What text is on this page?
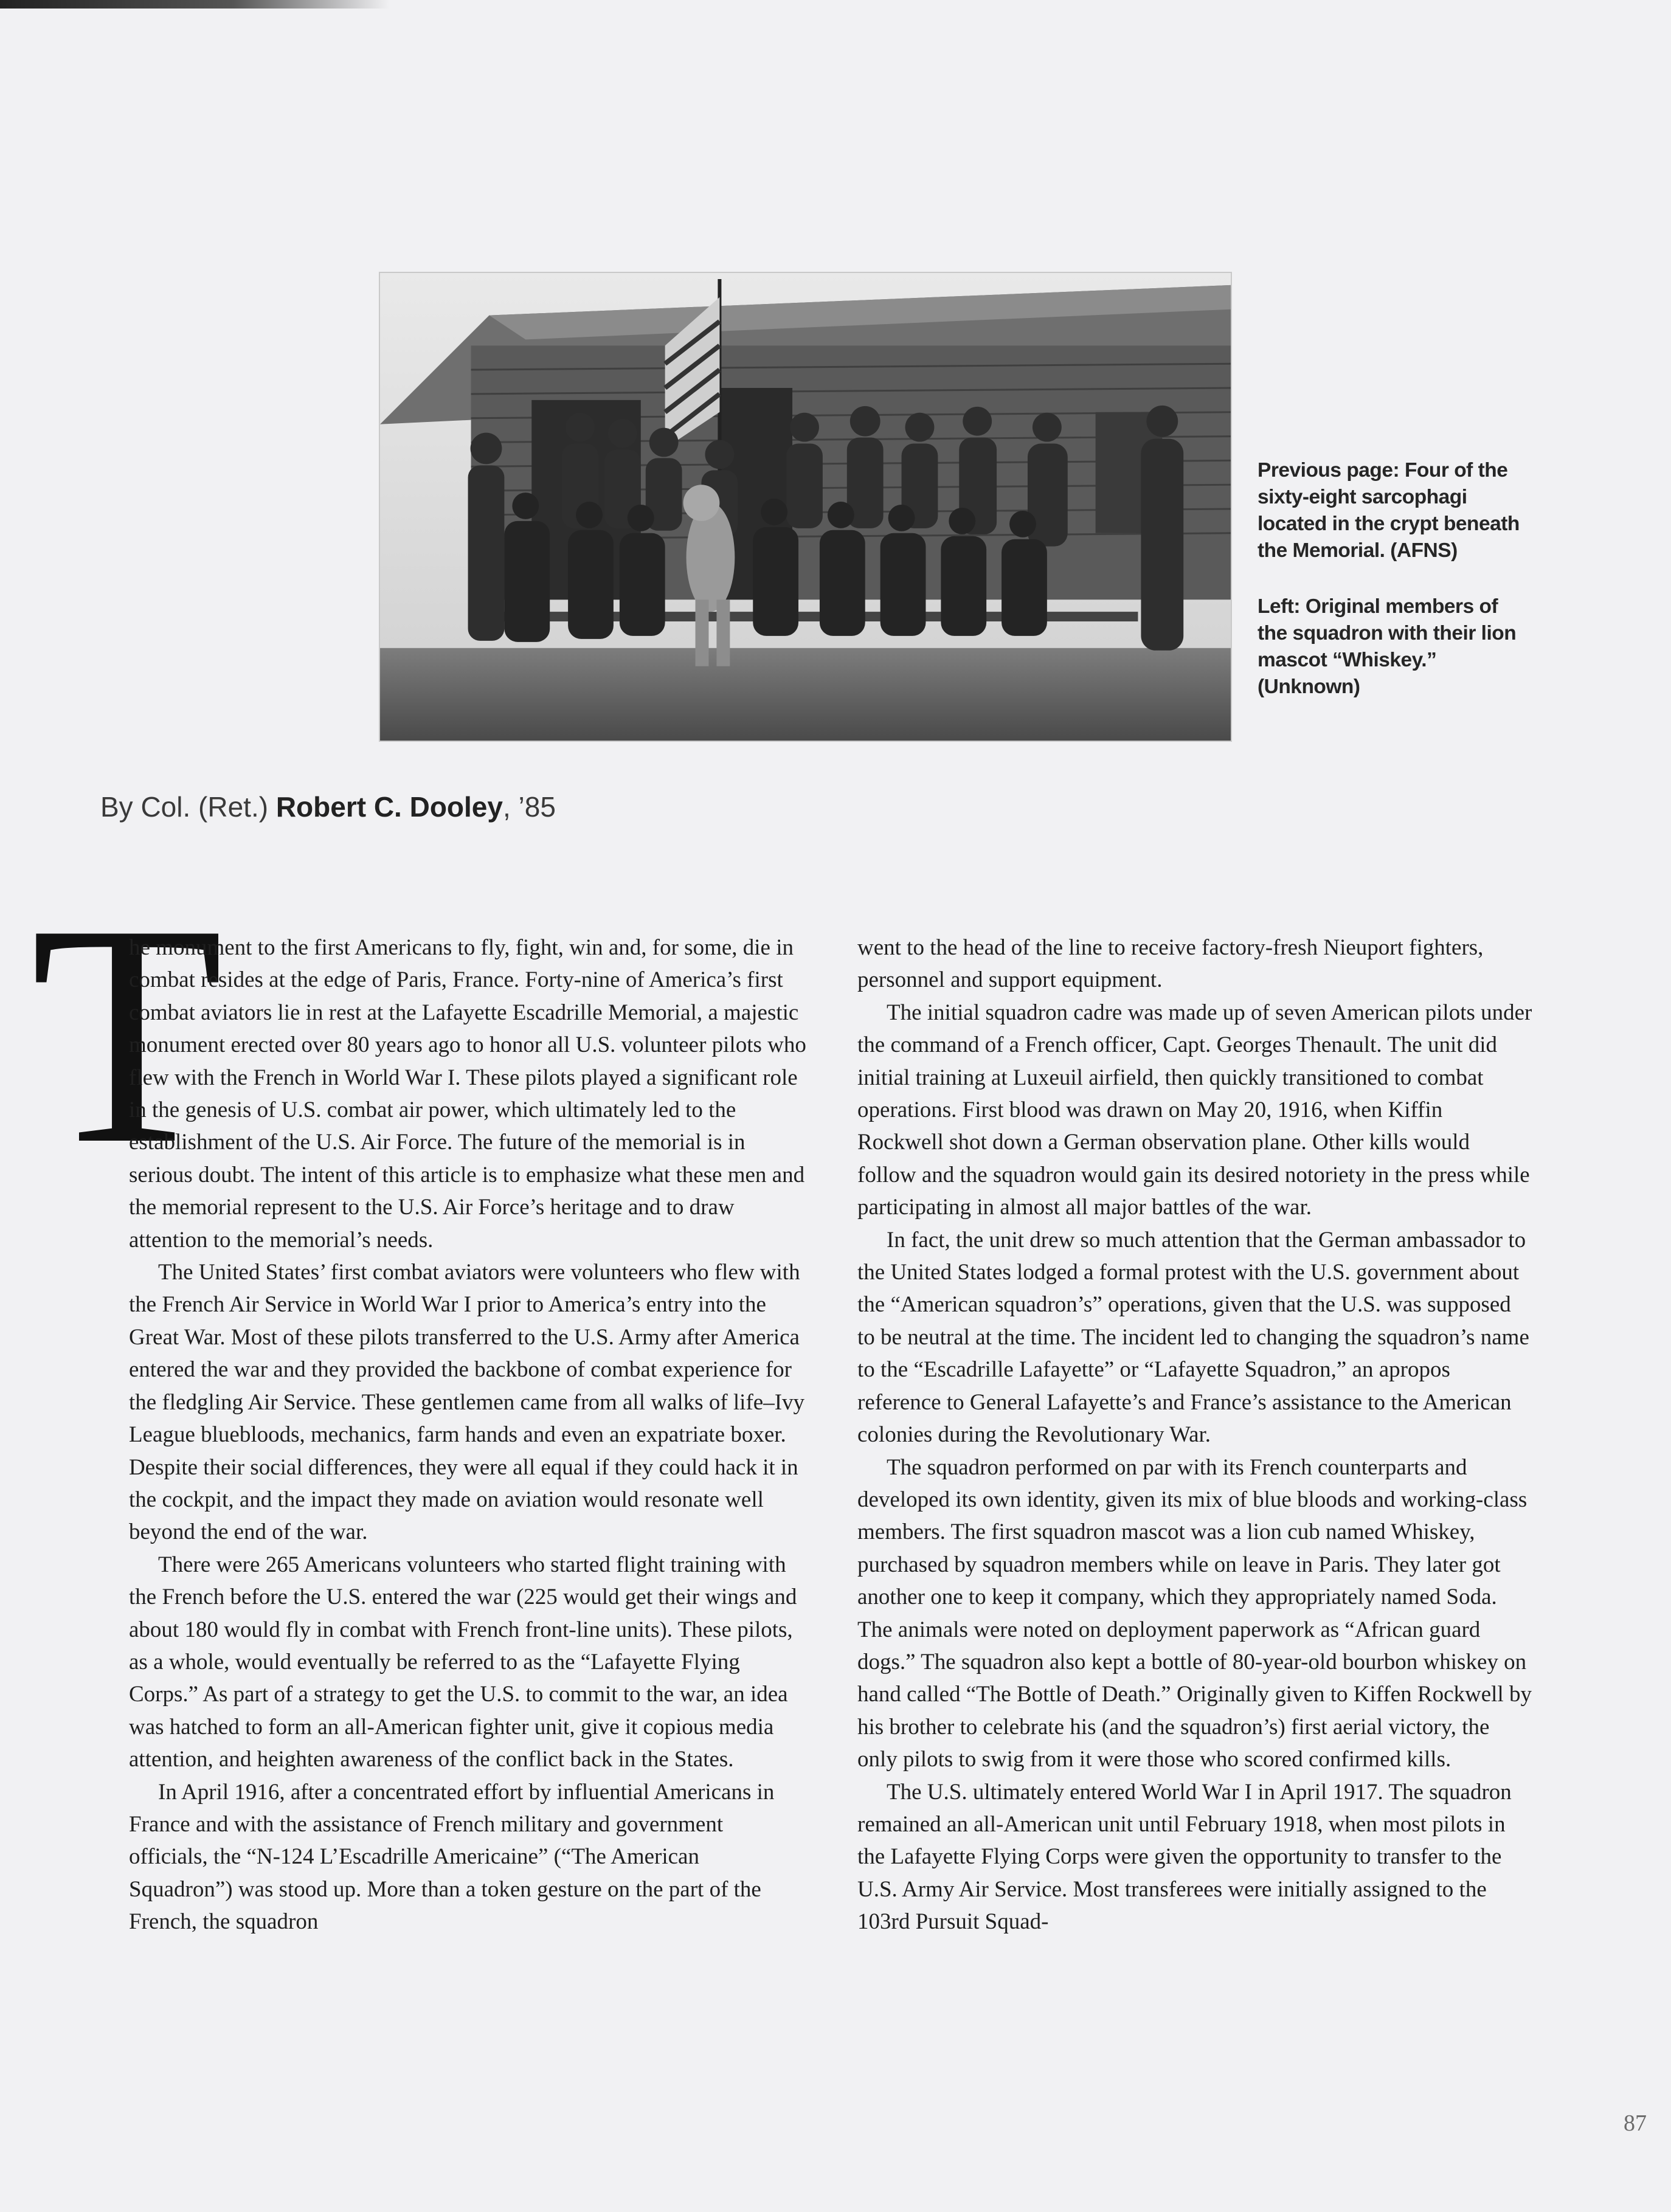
Previous page: Four of the sixty-eight sarcophagi located in the crypt beneath the Memorial. (AFNS)

Left: Original members of the squadron with their lion mascot “Whiskey.” (Unknown)

By Col. (Ret.) Robert C. Dooley, ’85
T

he monument to the first Americans to fly, fight, win and, for some, die in combat resides at the edge of Paris, France. Forty-nine of America’s first combat aviators lie in rest at the Lafayette Escadrille Memorial, a majestic monument erected over 80 years ago to honor all U.S. volunteer pilots who flew with the French in World War I. These pilots played a significant role in the genesis of U.S. combat air power, which ultimately led to the establishment of the U.S. Air Force. The future of the memorial is in serious doubt. The intent of this article is to emphasize what these men and the memorial represent to the U.S. Air Force’s heritage and to draw attention to the memorial’s needs.

The United States’ first combat aviators were volunteers who flew with the French Air Service in World War I prior to America’s entry into the Great War. Most of these pilots transferred to the U.S. Army after America entered the war and they provided the backbone of combat experience for the fledgling Air Service. These gentlemen came from all walks of life–Ivy League bluebloods, mechanics, farm hands and even an expatriate boxer. Despite their social differences, they were all equal if they could hack it in the cockpit, and the impact they made on aviation would resonate well beyond the end of the war.

There were 265 Americans volunteers who started flight training with the French before the U.S. entered the war (225 would get their wings and about 180 would fly in combat with French front-line units). These pilots, as a whole, would eventually be referred to as the “Lafayette Flying Corps.” As part of a strategy to get the U.S. to commit to the war, an idea was hatched to form an all-American fighter unit, give it copious media attention, and heighten awareness of the conflict back in the States.

In April 1916, after a concentrated effort by influential Americans in France and with the assistance of French military and government officials, the “N-124 L’Escadrille Americaine” (“The American Squadron”) was stood up. More than a token gesture on the part of the French, the squadron

went to the head of the line to receive factory-fresh Nieuport fighters, personnel and support equipment.

The initial squadron cadre was made up of seven American pilots under the command of a French officer, Capt. Georges Thenault. The unit did initial training at Luxeuil airfield, then quickly transitioned to combat operations. First blood was drawn on May 20, 1916, when Kiffin Rockwell shot down a German observation plane. Other kills would follow and the squadron would gain its desired notoriety in the press while participating in almost all major battles of the war.

In fact, the unit drew so much attention that the German ambassador to the United States lodged a formal protest with the U.S. government about the “American squadron’s” operations, given that the U.S. was supposed to be neutral at the time. The incident led to changing the squadron’s name to the “Escadrille Lafayette” or “Lafayette Squadron,” an apropos reference to General Lafayette’s and France’s assistance to the American colonies during the Revolutionary War.

The squadron performed on par with its French counterparts and developed its own identity, given its mix of blue bloods and working-class members. The first squadron mascot was a lion cub named Whiskey, purchased by squadron members while on leave in Paris. They later got another one to keep it company, which they appropriately named Soda. The animals were noted on deployment paperwork as “African guard dogs.” The squadron also kept a bottle of 80-year-old bourbon whiskey on hand called “The Bottle of Death.” Originally given to Kiffen Rockwell by his brother to celebrate his (and the squadron’s) first aerial victory, the only pilots to swig from it were those who scored confirmed kills.

The U.S. ultimately entered World War I in April 1917. The squadron remained an all-American unit until February 1918, when most pilots in the Lafayette Flying Corps were given the opportunity to transfer to the U.S. Army Air Service. Most transferees were initially assigned to the 103rd Pursuit Squad-

87
